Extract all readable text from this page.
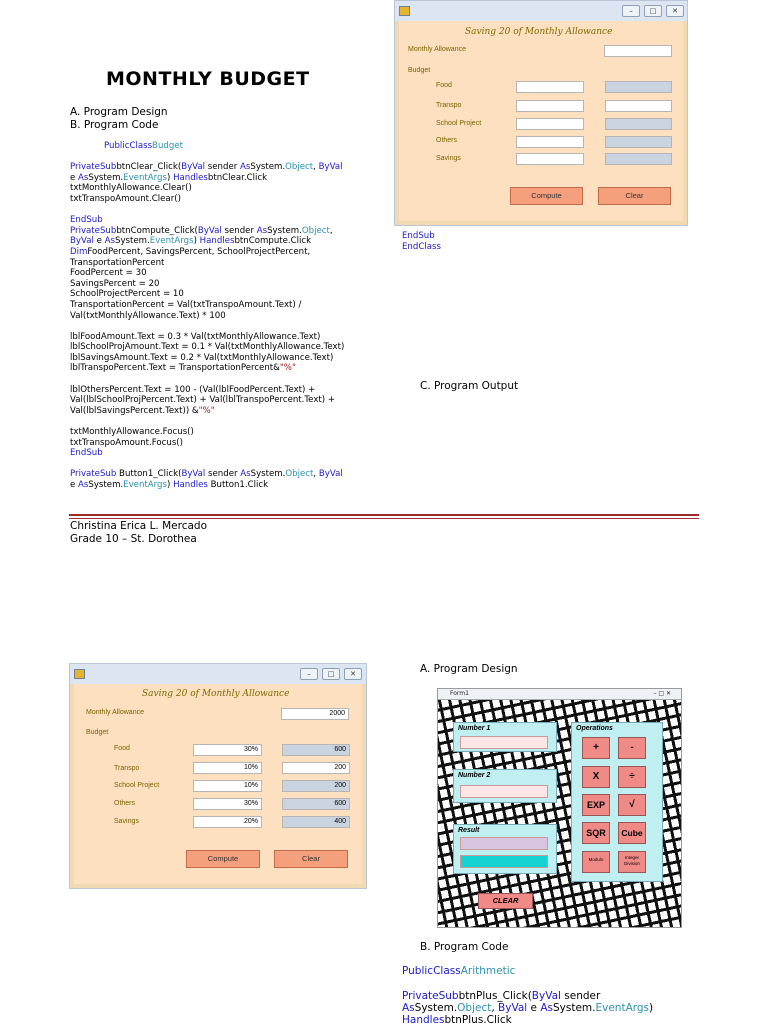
MONTHLY BUDGET
A. Program Design
B. Program Code
PublicClassBudget

PrivateSubbtnClear_Click(ByVal sender AsSystem.Object, ByVal
e AsSystem.EventArgs) HandlesbtnClear.Click
txtMonthlyAllowance.Clear()
txtTranspoAmount.Clear()

EndSub
PrivateSubbtnCompute_Click(ByVal sender AsSystem.Object,
ByVal e AsSystem.EventArgs) HandlesbtnCompute.Click
DimFoodPercent, SavingsPercent, SchoolProjectPercent,
TransportationPercent
FoodPercent = 30
SavingsPercent = 20
SchoolProjectPercent = 10
TransportationPercent = Val(txtTranspoAmount.Text) /
Val(txtMonthlyAllowance.Text) * 100

lblFoodAmount.Text = 0.3 * Val(txtMonthlyAllowance.Text)
lblSchoolProjAmount.Text = 0.1 * Val(txtMonthlyAllowance.Text)
lblSavingsAmount.Text = 0.2 * Val(txtMonthlyAllowance.Text)
lblTranspoPercent.Text = TransportationPercent&"%"

lblOthersPercent.Text = 100 - (Val(lblFoodPercent.Text) +
Val(lblSchoolProjPercent.Text) + Val(lblTranspoPercent.Text) +
Val(lblSavingsPercent.Text)) &"%"

txtMonthlyAllowance.Focus()
txtTranspoAmount.Focus()
EndSub

PrivateSub Button1_Click(ByVal sender AsSystem.Object, ByVal
e AsSystem.EventArgs) Handles Button1.Click
–	□	✕
Saving 20 of Monthly Allowance
Monthly Allowance
Budget
Food
Transpo
School Project
Others
Savings
Compute	Clear
EndSub
EndClass
C. Program Output
Christina Erica L. Mercado
Grade 10 – St. Dorothea
–	□	✕
Saving 20 of Monthly Allowance
Monthly Allowance	2000
Budget
Food	30%	600
Transpo	10%	200
School Project	10%	200
Others	30%	600
Savings	20%	400
Compute	Clear
A. Program Design
Form1	– □ ✕
Number 1
Number 2
Result
Operations
+	-
X	÷
EXP	√
SQR	Cube
Modulo	Integer Division
CLEAR
B. Program Code
PublicClassArithmetic
PrivateSubbtnPlus_Click(ByVal sender
AsSystem.Object, ByVal e AsSystem.EventArgs)
HandlesbtnPlus.Click
